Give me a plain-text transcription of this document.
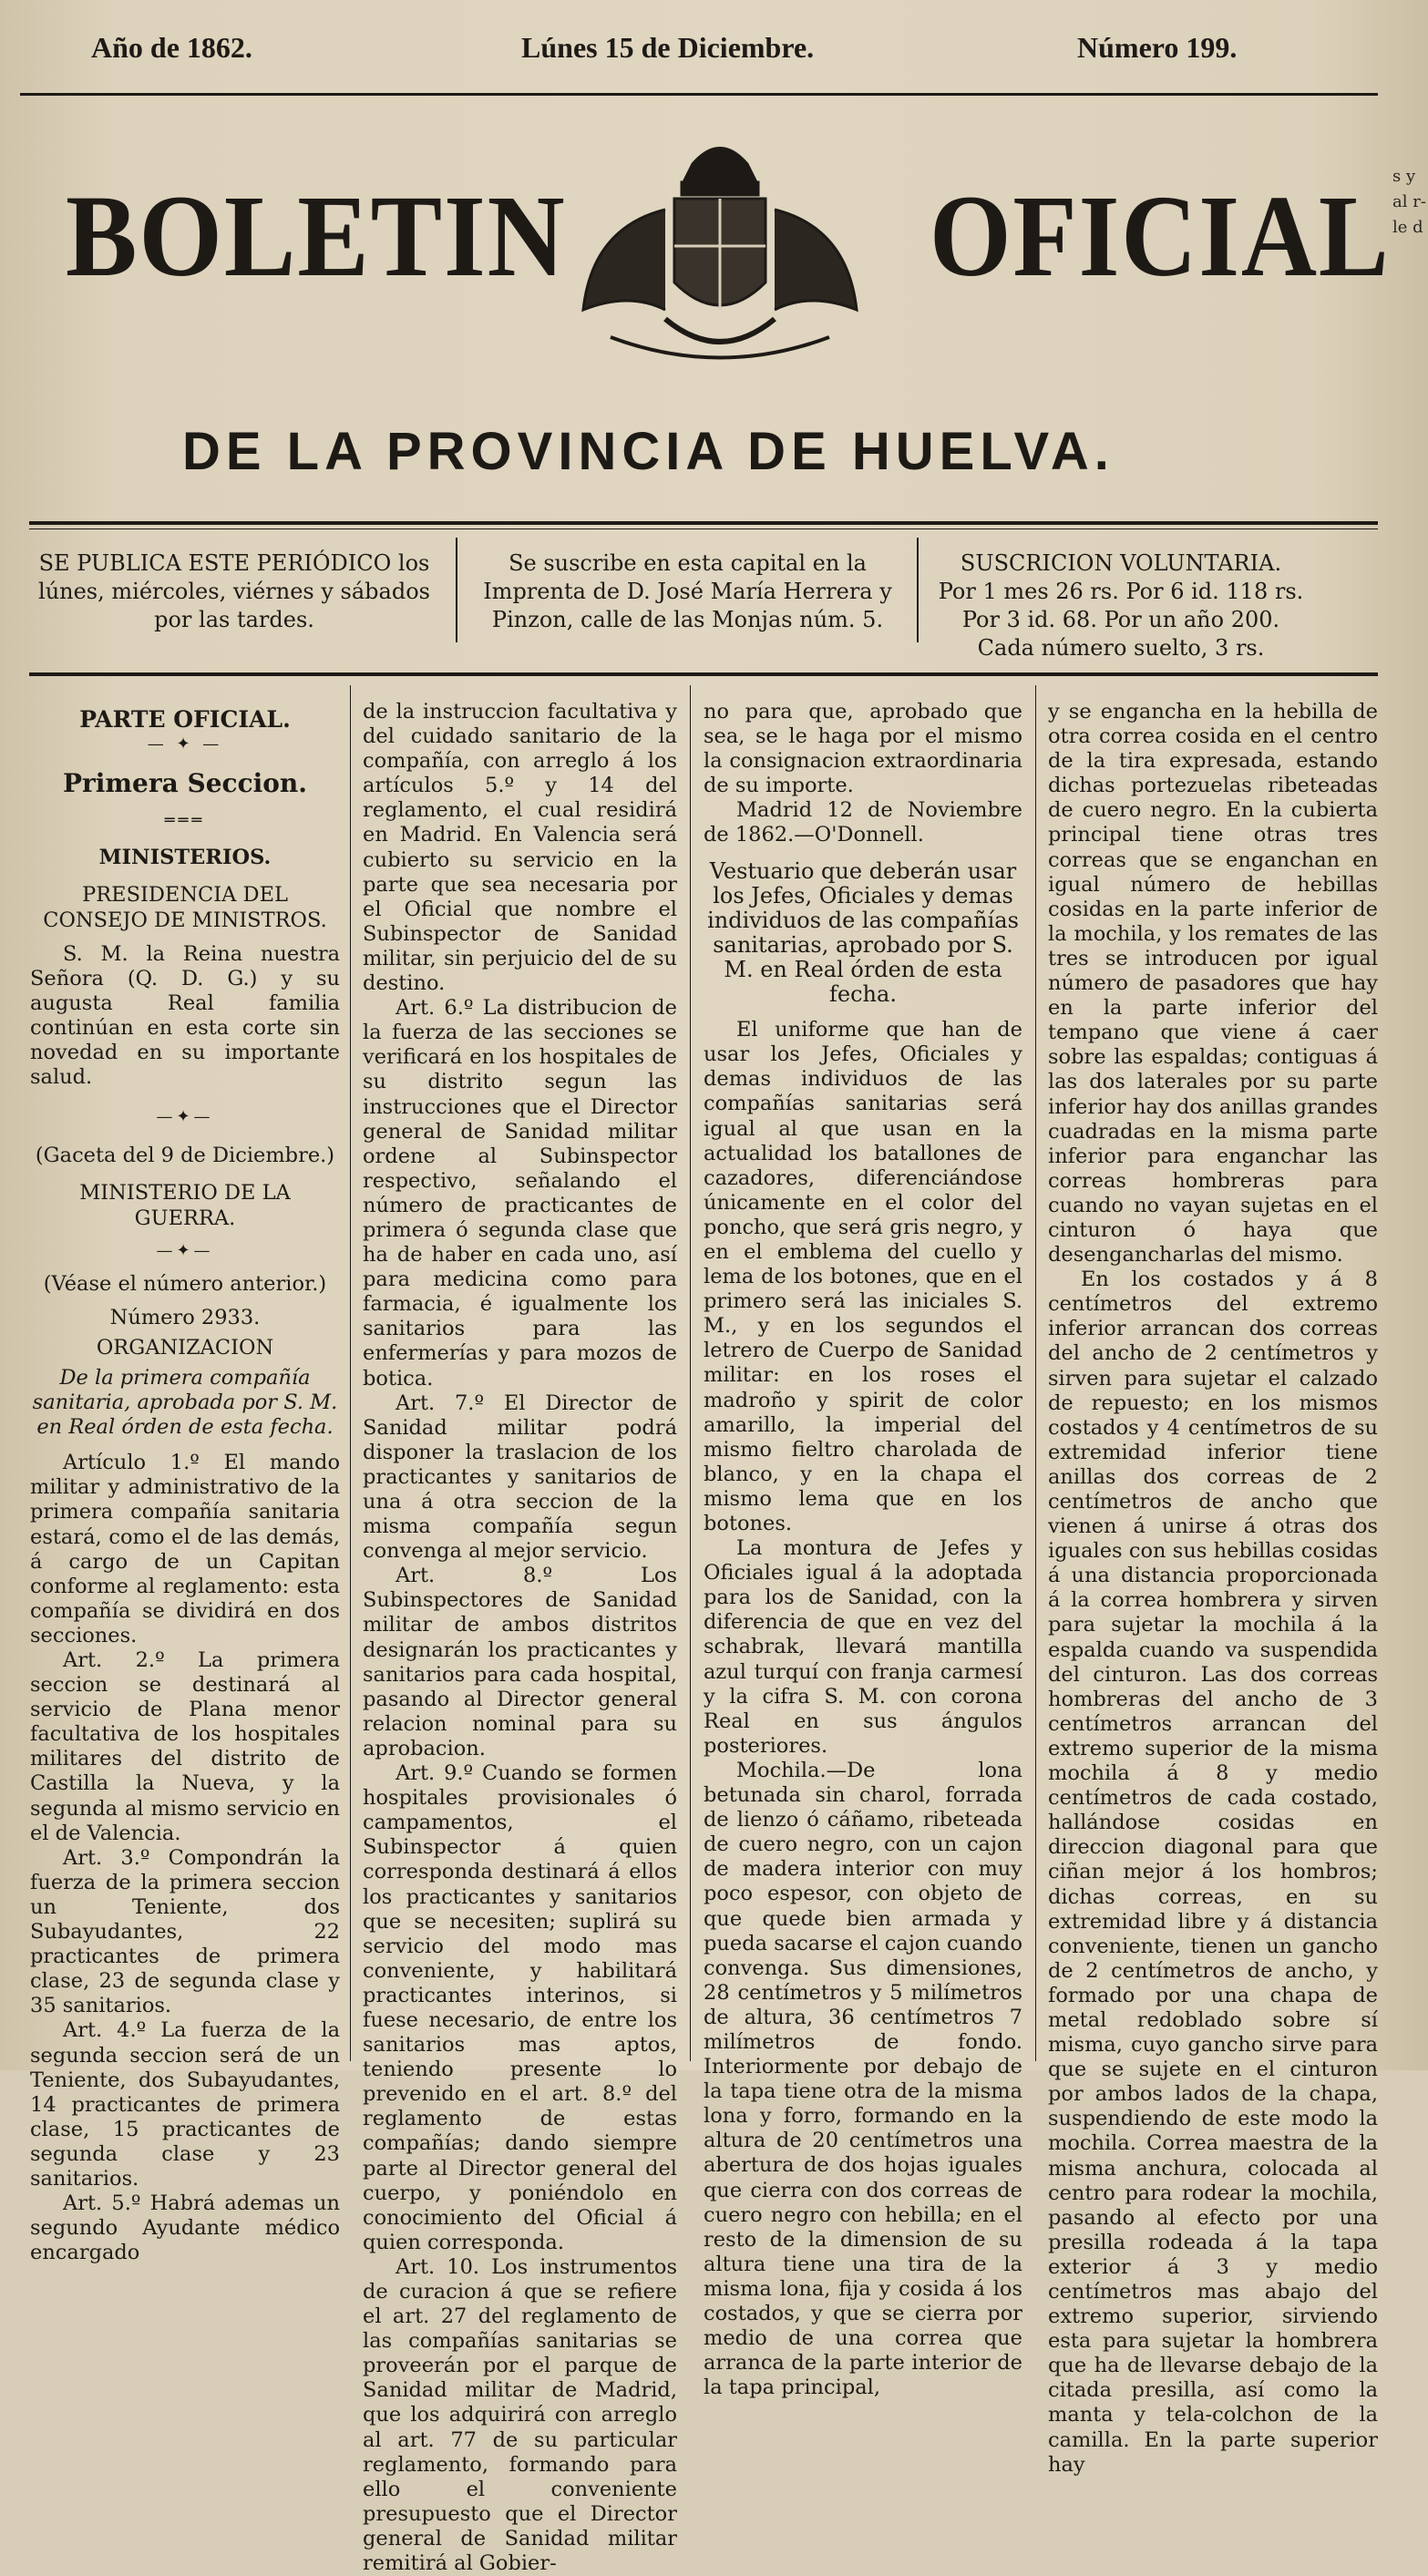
Año de 1862.	Lúnes 15 de Diciembre.	Número 199.
BOLETIN	OFICIAL
DE LA PROVINCIA DE HUELVA.
s y al r- le d
SE PUBLICA ESTE PERIÓDICO los lúnes, miércoles, viérnes y sábados por las tardes.
Se suscribe en esta capital en la Imprenta de D. José María Herrera y Pinzon, calle de las Monjas núm. 5.
SUSCRICION VOLUNTARIA.
Por 1 mes 26 rs. Por 6 id. 118 rs.
Por 3 id. 68. Por un año 200.
Cada número suelto, 3 rs.

PARTE OFICIAL.

— ✦ —

Primera Seccion.

═══

MINISTERIOS.

PRESIDENCIA DEL CONSEJO DE MINISTROS.

S. M. la Reina nuestra Señora (Q. D. G.) y su augusta Real familia continúan en esta corte sin novedad en su importante salud.

—✦—

(Gaceta del 9 de Diciembre.)

MINISTERIO DE LA GUERRA.

—✦—

(Véase el número anterior.)

Número 2933.

ORGANIZACION

De la primera compañía sanitaria, aprobada por S. M. en Real órden de esta fecha.

Artículo 1.º El mando militar y administrativo de la primera compañía sanitaria estará, como el de las demás, á cargo de un Capitan conforme al reglamento: esta compañía se dividirá en dos secciones.

Art. 2.º La primera seccion se destinará al servicio de Plana menor facultativa de los hospitales militares del distrito de Castilla la Nueva, y la segunda al mismo servicio en el de Valencia.

Art. 3.º Compondrán la fuerza de la primera seccion un Teniente, dos Subayudantes, 22 practicantes de primera clase, 23 de segunda clase y 35 sanitarios.

Art. 4.º La fuerza de la segunda seccion será de un Teniente, dos Subayudantes, 14 practicantes de primera clase, 15 practicantes de segunda clase y 23 sanitarios.

Art. 5.º Habrá ademas un segundo Ayudante médico encargado

de la instruccion facultativa y del cuidado sanitario de la compañía, con arreglo á los artículos 5.º y 14 del reglamento, el cual residirá en Madrid. En Valencia será cubierto su servicio en la parte que sea necesaria por el Oficial que nombre el Subinspector de Sanidad militar, sin perjuicio del de su destino.

Art. 6.º La distribucion de la fuerza de las secciones se verificará en los hospitales de su distrito segun las instrucciones que el Director general de Sanidad militar ordene al Subinspector respectivo, señalando el número de practicantes de primera ó segunda clase que ha de haber en cada uno, así para medicina como para farmacia, é igualmente los sanitarios para las enfermerías y para mozos de botica.

Art. 7.º El Director de Sanidad militar podrá disponer la traslacion de los practicantes y sanitarios de una á otra seccion de la misma compañía segun convenga al mejor servicio.

Art. 8.º Los Subinspectores de Sanidad militar de ambos distritos designarán los practicantes y sanitarios para cada hospital, pasando al Director general relacion nominal para su aprobacion.

Art. 9.º Cuando se formen hospitales provisionales ó campamentos, el Subinspector á quien corresponda destinará á ellos los practicantes y sanitarios que se necesiten; suplirá su servicio del modo mas conveniente, y habilitará practicantes interinos, si fuese necesario, de entre los sanitarios mas aptos, teniendo presente lo prevenido en el art. 8.º del reglamento de estas compañías; dando siempre parte al Director general del cuerpo, y poniéndolo en conocimiento del Oficial á quien corresponda.

Art. 10. Los instrumentos de curacion á que se refiere el art. 27 del reglamento de las compañías sanitarias se proveerán por el parque de Sanidad militar de Madrid, que los adquirirá con arreglo al art. 77 de su particular reglamento, formando para ello el conveniente presupuesto que el Director general de Sanidad militar remitirá al Gobier-

no para que, aprobado que sea, se le haga por el mismo la consignacion extraordinaria de su importe.

Madrid 12 de Noviembre de 1862.—O'Donnell.

Vestuario que deberán usar los Jefes, Oficiales y demas individuos de las compañías sanitarias, aprobado por S. M. en Real órden de esta fecha.

El uniforme que han de usar los Jefes, Oficiales y demas individuos de las compañías sanitarias será igual al que usan en la actualidad los batallones de cazadores, diferenciándose únicamente en el color del poncho, que será gris negro, y en el emblema del cuello y lema de los botones, que en el primero será las iniciales S. M., y en los segundos el letrero de Cuerpo de Sanidad militar: en los roses el madroño y spirit de color amarillo, la imperial del mismo fieltro charolada de blanco, y en la chapa el mismo lema que en los botones.

La montura de Jefes y Oficiales igual á la adoptada para los de Sanidad, con la diferencia de que en vez del schabrak, llevará mantilla azul turquí con franja carmesí y la cifra S. M. con corona Real en sus ángulos posteriores.

Mochila.—De lona betunada sin charol, forrada de lienzo ó cáñamo, ribeteada de cuero negro, con un cajon de madera interior con muy poco espesor, con objeto de que quede bien armada y pueda sacarse el cajon cuando convenga. Sus dimensiones, 28 centímetros y 5 milímetros de altura, 36 centímetros 7 milímetros de fondo. Interiormente por debajo de la tapa tiene otra de la misma lona y forro, formando en la altura de 20 centímetros una abertura de dos hojas iguales que cierra con dos correas de cuero negro con hebilla; en el resto de la dimension de su altura tiene una tira de la misma lona, fija y cosida á los costados, y que se cierra por medio de una correa que arranca de la parte interior de la tapa principal,

y se engancha en la hebilla de otra correa cosida en el centro de la tira expresada, estando dichas portezuelas ribeteadas de cuero negro. En la cubierta principal tiene otras tres correas que se enganchan en igual número de hebillas cosidas en la parte inferior de la mochila, y los remates de las tres se introducen por igual número de pasadores que hay en la parte inferior del tempano que viene á caer sobre las espaldas; contiguas á las dos laterales por su parte inferior hay dos anillas grandes cuadradas en la misma parte inferior para enganchar las correas hombreras para cuando no vayan sujetas en el cinturon ó haya que desengancharlas del mismo.

En los costados y á 8 centímetros del extremo inferior arrancan dos correas del ancho de 2 centímetros y sirven para sujetar el calzado de repuesto; en los mismos costados y 4 centímetros de su extremidad inferior tiene anillas dos correas de 2 centímetros de ancho que vienen á unirse á otras dos iguales con sus hebillas cosidas á una distancia proporcionada á la correa hombrera y sirven para sujetar la mochila á la espalda cuando va suspendida del cinturon. Las dos correas hombreras del ancho de 3 centímetros arrancan del extremo superior de la misma mochila á 8 y medio centímetros de cada costado, hallándose cosidas en direccion diagonal para que ciñan mejor á los hombros; dichas correas, en su extremidad libre y á distancia conveniente, tienen un gancho de 2 centímetros de ancho, y formado por una chapa de metal redoblado sobre sí misma, cuyo gancho sirve para que se sujete en el cinturon por ambos lados de la chapa, suspendiendo de este modo la mochila. Correa maestra de la misma anchura, colocada al centro para rodear la mochila, pasando al efecto por una presilla rodeada á la tapa exterior á 3 y medio centímetros mas abajo del extremo superior, sirviendo esta para sujetar la hombrera que ha de llevarse debajo de la citada presilla, así como la manta y tela-colchon de la camilla. En la parte superior hay
